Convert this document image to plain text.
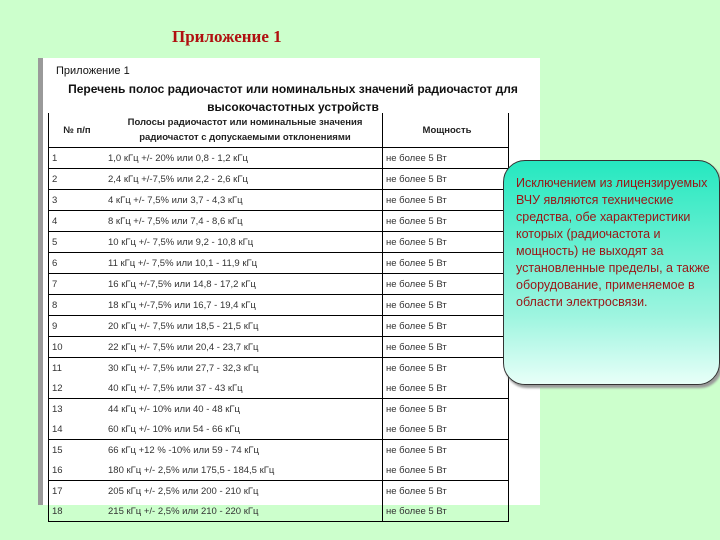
Приложение 1
Приложение 1
Перечень полос радиочастот или номинальных значений радиочастот для
высокочастотных устройств
№ п/п	Полосы радиочастот или номинальные значения радиочастот с допускаемыми отклонениями	Мощность
1	1,0 кГц +/- 20% или 0,8 - 1,2 кГц	не более 5 Вт
2	2,4 кГц +/-7,5% или 2,2 - 2,6 кГц	не более 5 Вт
3	4 кГц +/- 7,5% или 3,7 - 4,3 кГц	не более 5 Вт
4	8 кГц +/- 7,5% или 7,4 - 8,6 кГц	не более 5 Вт
5	10 кГц +/- 7,5% или 9,2 - 10,8 кГц	не более 5 Вт
6	11 кГц +/- 7,5% или 10,1 - 11,9 кГц	не более 5 Вт
7	16 кГц +/-7,5% или 14,8 - 17,2 кГц	не более 5 Вт
8	18 кГц +/-7,5% или 16,7 - 19,4 кГц	не более 5 Вт
9	20 кГц +/- 7,5% или 18,5 - 21,5 кГц	не более 5 Вт
10	22 кГц +/- 7,5% или 20,4 - 23,7 кГц	не более 5 Вт
11	30 кГц +/- 7,5% или 27,7 - 32,3 кГц	не более 5 Вт
12	40 кГц +/- 7,5% или 37 - 43 кГц	не более 5 Вт
13	44 кГц +/- 10% или 40 - 48 кГц	не более 5 Вт
14	60 кГц +/- 10% или 54 - 66 кГц	не более 5 Вт
15	66 кГц +12 % -10% или 59 - 74 кГц	не более 5 Вт
16	180 кГц +/- 2,5% или 175,5 - 184,5 кГц	не более 5 Вт
17	205 кГц +/- 2,5% или 200 - 210 кГц	не более 5 Вт
18	215 кГц +/- 2,5% или 210 - 220 кГц	не более 5 Вт
Исключением из лицензируемых ВЧУ являются технические средства, обе характеристики которых (радиочастота и мощность) не выходят за установленные пределы, а также оборудование, применяемое в области электросвязи.
